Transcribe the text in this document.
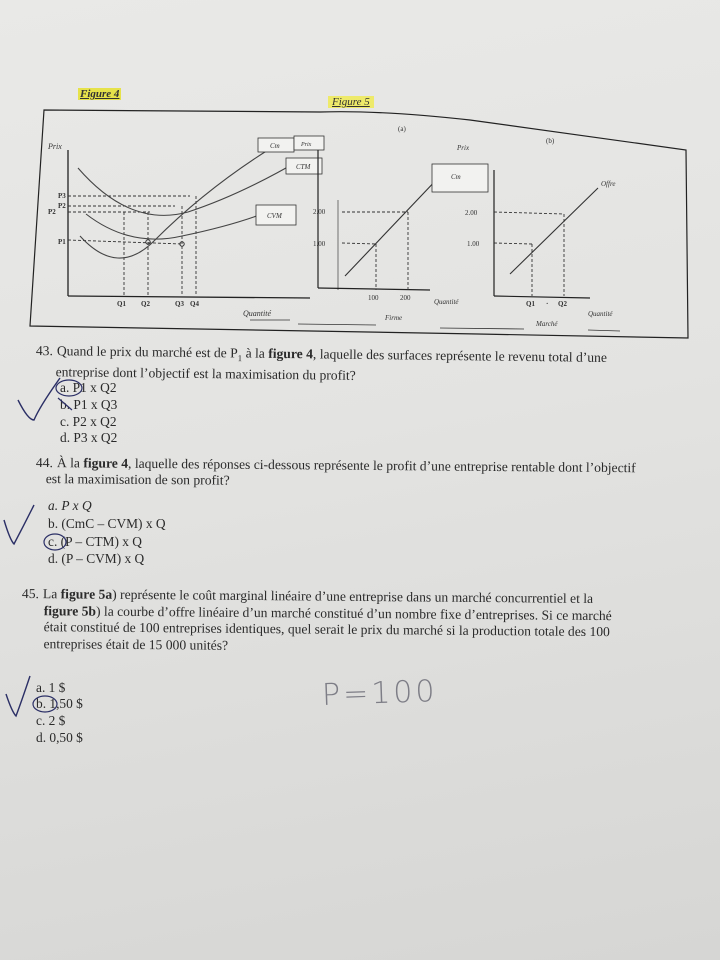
Figure 4
Figure 5
Prix
Quantité
P3
P2
P2
P1
Q1 Q2	Q3 Q4
Cm	Prix
CTM
CVM
(a)
2.00
1.00
100	200
Firme
Quantité
Prix
Cm
(b)
2.00
1.00
Offre
Q1 · Q2
Quantité
Marché
43. Quand le prix du marché est de $P_1$ à la figure 4, laquelle des surfaces représente le revenu total d’une
entreprise dont l’objectif est la maximisation du profit?
a. P1 x Q2
b. P1 x Q3
c. P2 x Q2
d. P3 x Q2
44. À la figure 4, laquelle des réponses ci-dessous représente le profit d’une entreprise rentable dont l’objectif
est la maximisation de son profit?
a. P x Q
b. (CmC – CVM) x Q
c. (P – CTM) x Q
d. (P – CVM) x Q
45. La figure 5a) représente le coût marginal linéaire d’une entreprise dans un marché concurrentiel et la
figure 5b) la courbe d’offre linéaire d’un marché constitué d’un nombre fixe d’entreprises. Si ce marché
était constitué de 100 entreprises identiques, quel serait le prix du marché si la production totale des 100
entreprises était de 15 000 unités?
a. 1 $
b. 1,50 $
c. 2 $
d. 0,50 $
P=100
